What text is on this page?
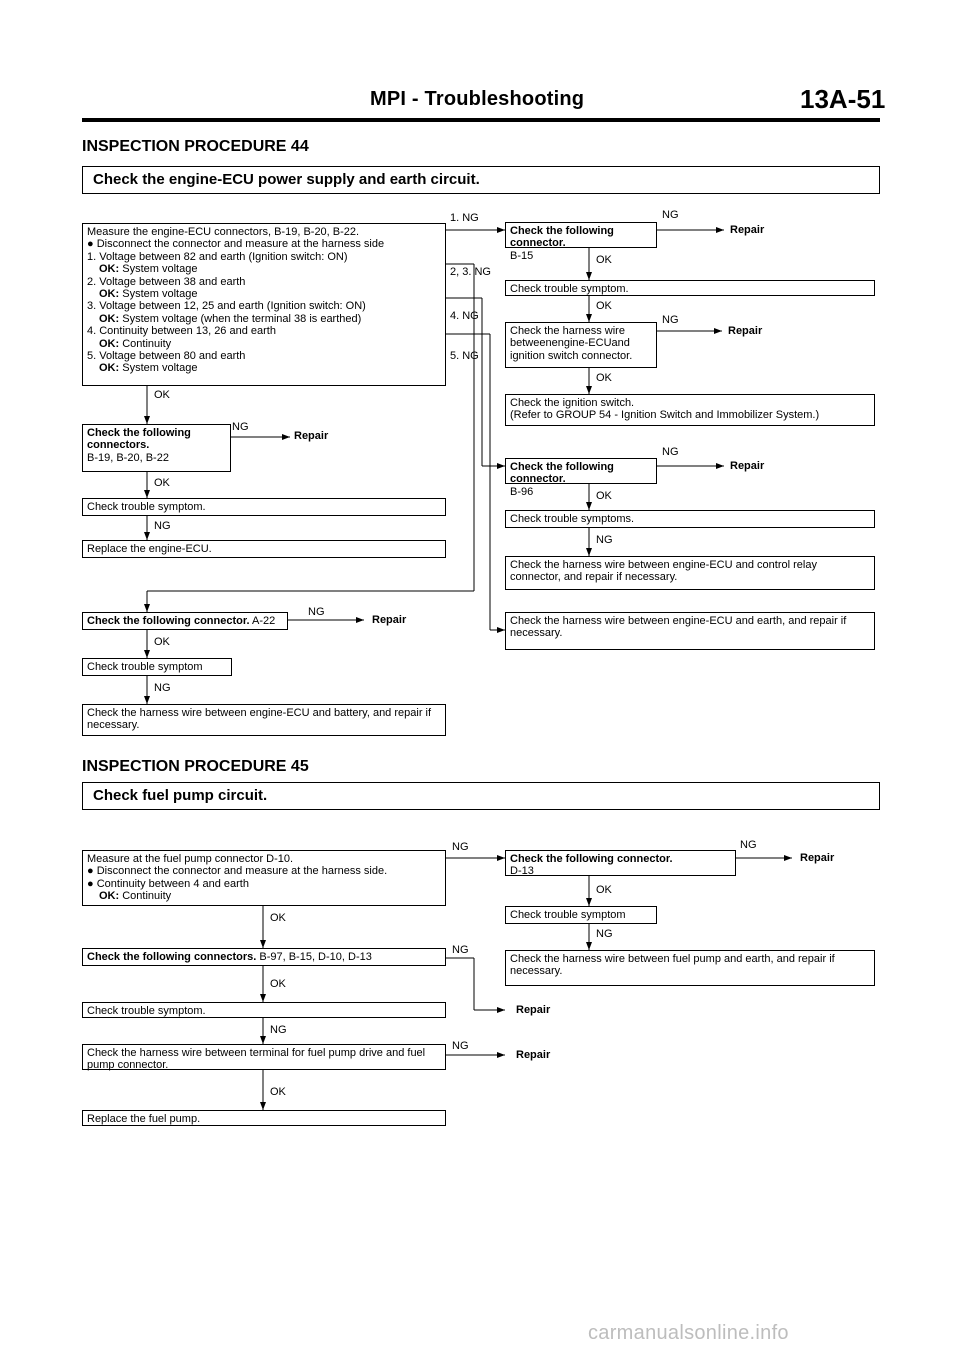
MPI - Troubleshooting	13A-51
INSPECTION PROCEDURE 44
Check the engine-ECU power supply and earth circuit.
Measure the engine-ECU connectors, B-19, B-20, B-22.
● Disconnect the connector and measure at the harness side
1. Voltage between 82 and earth (Ignition switch: ON)
OK: System voltage
2. Voltage between 38 and earth
OK: System voltage
3. Voltage between 12, 25 and earth (Ignition switch: ON)
OK: System voltage (when the terminal 38 is earthed)
4. Continuity between 13, 26 and earth
OK: Continuity
5. Voltage between 80 and earth
OK: System voltage
1. NG
2, 3. NG
4. NG
5. NG
OK
Check the following connectors.
B-19, B-20, B-22
NG
Repair
OK
Check trouble symptom.
NG
Replace the engine-ECU.
Check the following connector. A-22
NG
Repair
OK
Check trouble symptom
NG
Check the harness wire between engine-ECU and battery, and repair if necessary.
Check the following connector.
B-15
NG
Repair
OK
Check trouble symptom.
OK
Check the harness wire betweenengine-ECUand ignition switch connector.
NG
Repair
OK
Check the ignition switch.
(Refer to GROUP 54 - Ignition Switch and Immobilizer System.)
Check the following connector.
B-96
NG
Repair
OK
Check trouble symptoms.
NG
Check the harness wire between engine-ECU and control relay connector, and repair if necessary.
Check the harness wire between engine-ECU and earth, and repair if necessary.
INSPECTION PROCEDURE 45
Check fuel pump circuit.
Measure at the fuel pump connector D-10.
● Disconnect the connector and measure at the harness side.
● Continuity between 4 and earth
OK: Continuity
NG
Check the following connector.
D-13
NG
Repair
OK
Check trouble symptom
NG
Check the harness wire between fuel pump and earth, and repair if necessary.
OK
Check the following connectors. B-97, B-15, D-10, D-13
NG
Repair
OK
Check trouble symptom.
NG
Check the harness wire between terminal for fuel pump drive and fuel pump connector.
NG
Repair
OK
Replace the fuel pump.
carmanualsonline.info
